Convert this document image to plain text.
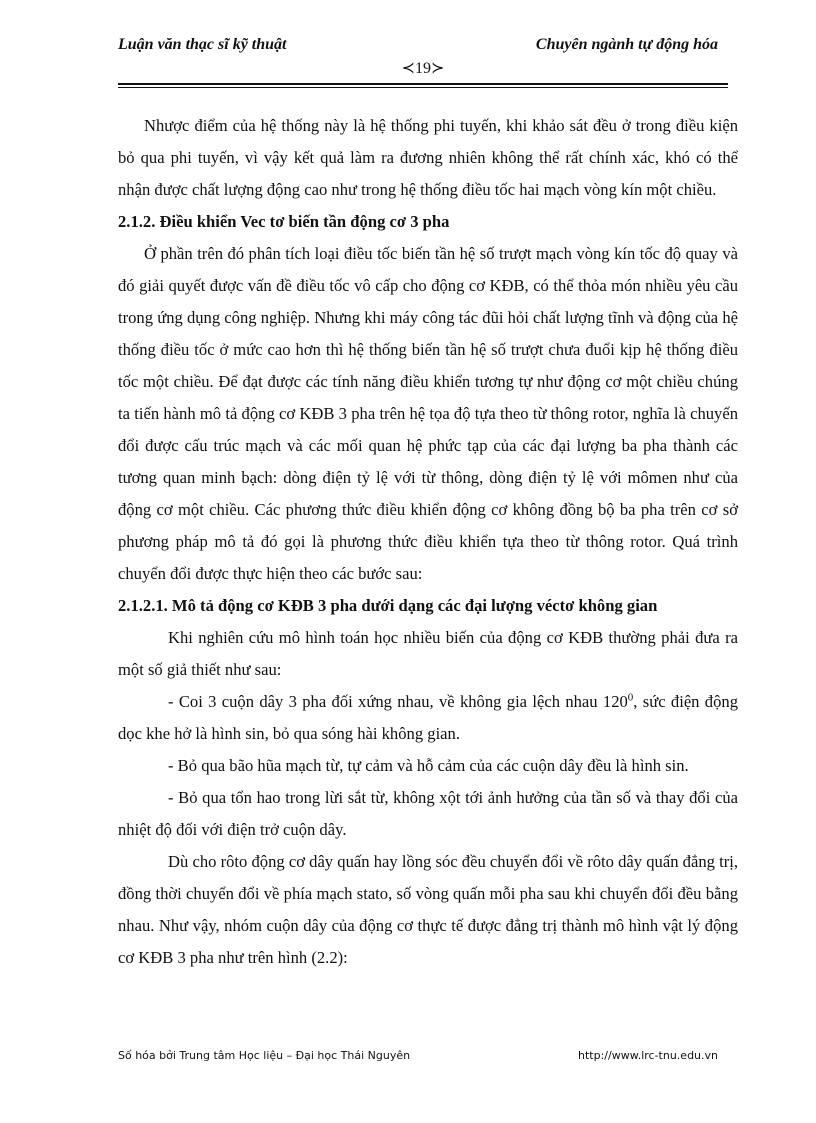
Luận văn thạc sĩ kỹ thuật	Chuyên ngành tự động hóa
≺19≻

Nhược điểm của hệ thống này là hệ thống phi tuyến, khi khảo sát đều ở trong điều kiện bỏ qua phi tuyến, vì vậy kết quả làm ra đương nhiên không thể rất chính xác, khó có thể nhận được chất lượng động cao như trong hệ thống điều tốc hai mạch vòng kín một chiều.

2.1.2. Điều khiển Vec tơ biến tần động cơ 3 pha

Ở phần trên đó phân tích loại điều tốc biến tần hệ số trượt mạch vòng kín tốc độ quay và đó giải quyết được vấn đề điều tốc vô cấp cho động cơ KĐB, có thể thỏa món nhiều yêu cầu trong ứng dụng công nghiệp. Nhưng khi máy công tác đũi hỏi chất lượng tĩnh và động của hệ thống điều tốc ở mức cao hơn thì hệ thống biến tần hệ số trượt chưa đuổi kịp hệ thống điều tốc một chiều. Để đạt được các tính năng điều khiển tương tự như động cơ một chiều chúng ta tiến hành mô tả động cơ KĐB 3 pha trên hệ tọa độ tựa theo từ thông rotor, nghĩa là chuyển đổi được cấu trúc mạch và các mối quan hệ phức tạp của các đại lượng ba pha thành các tương quan minh bạch: dòng điện tỷ lệ với từ thông, dòng điện tỷ lệ với mômen như của động cơ một chiều. Các phương thức điều khiển động cơ không đồng bộ ba pha trên cơ sở phương pháp mô tả đó gọi là phương thức điều khiển tựa theo từ thông rotor. Quá trình chuyển đổi được thực hiện theo các bước sau:

2.1.2.1. Mô tả động cơ KĐB 3 pha dưới dạng các đại lượng véctơ không gian

Khi nghiên cứu mô hình toán học nhiều biến của động cơ KĐB thường phải đưa ra một số giả thiết như sau:

- Coi 3 cuộn dây 3 pha đối xứng nhau, về không gia lệch nhau $120^0$, sức điện động dọc khe hở là hình sin, bỏ qua sóng hài không gian.

- Bỏ qua bão hũa mạch từ, tự cảm và hỗ cảm của các cuộn dây đều là hình sin.

- Bỏ qua tổn hao trong lừi sắt từ, không xột tới ảnh hưởng của tần số và thay đổi của nhiệt độ đối với điện trở cuộn dây.

Dù cho rôto động cơ dây quấn hay lồng sóc đều chuyển đổi về rôto dây quấn đẳng trị, đồng thời chuyển đổi về phía mạch stato, số vòng quấn mỗi pha sau khi chuyển đổi đều bằng nhau. Như vậy, nhóm cuộn dây của động cơ thực tế được đẳng trị thành mô hình vật lý động cơ KĐB 3 pha như trên hình (2.2):

Số hóa bởi Trung tâm Học liệu – Đại học Thái Nguyên	http://www.lrc-tnu.edu.vn
